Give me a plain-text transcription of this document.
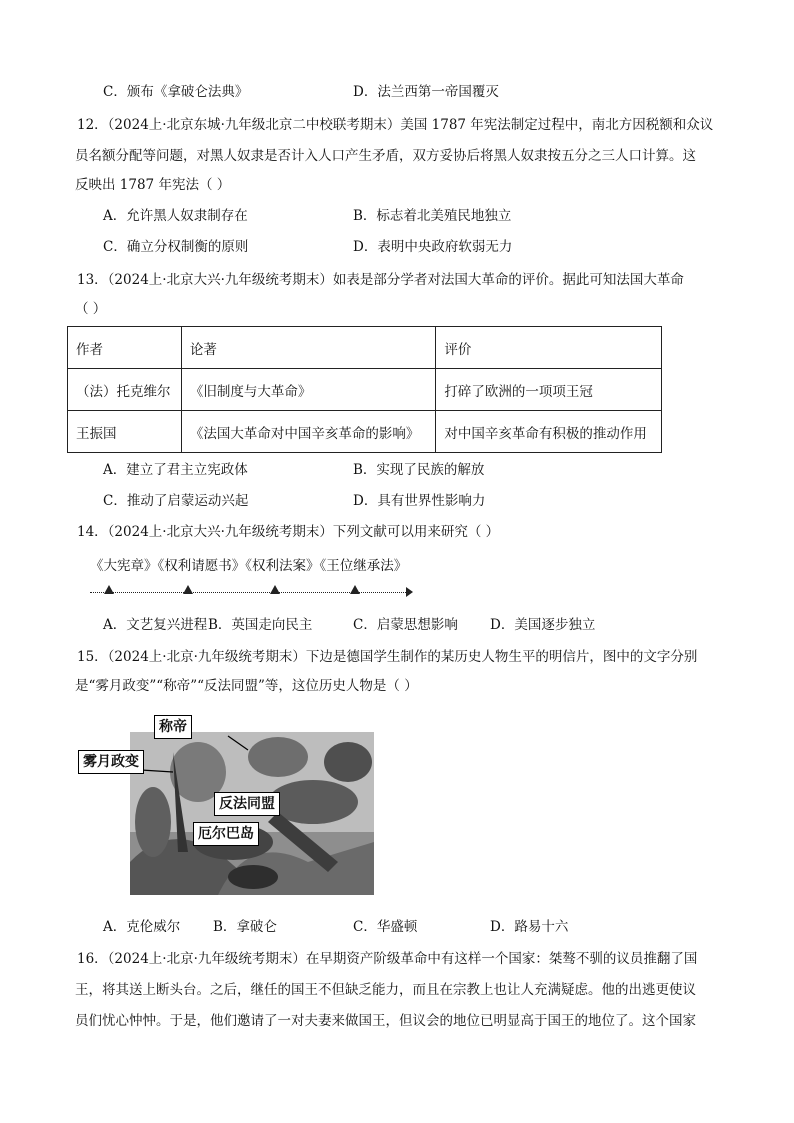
C．颁布《拿破仑法典》	D．法兰西第一帝国覆灭
12．（2024上·北京东城·九年级北京二中校联考期末）美国 1787 年宪法制定过程中，南北方因税额和众议
员名额分配等问题，对黑人奴隶是否计入人口产生矛盾，双方妥协后将黑人奴隶按五分之三人口计算。这
反映出 1787 年宪法（ ）
A．允许黑人奴隶制存在	B．标志着北美殖民地独立
C．确立分权制衡的原则	D．表明中央政府软弱无力
13．（2024上·北京大兴·九年级统考期末）如表是部分学者对法国大革命的评价。据此可知法国大革命
（ ）
作者	论著	评价
（法）托克维尔	《旧制度与大革命》	打碎了欧洲的一项项王冠
王振国	《法国大革命对中国辛亥革命的影响》	对中国辛亥革命有积极的推动作用
A．建立了君主立宪政体	B．实现了民族的解放
C．推动了启蒙运动兴起	D．具有世界性影响力
14．（2024上·北京大兴·九年级统考期末）下列文献可以用来研究（ ）
《大宪章》《权利请愿书》《权利法案》《王位继承法》
A．文艺复兴进程 B．英国走向民主	C．启蒙思想影响 D．美国逐步独立
15．（2024上·北京·九年级统考期末）下边是德国学生制作的某历史人物生平的明信片，图中的文字分别
是“雾月政变”“称帝”“反法同盟”等，这位历史人物是（ ）
称帝
雾月政变
反法同盟
厄尔巴岛
A．克伦威尔 B．拿破仑	C．华盛顿	D．路易十六
16．（2024上·北京·九年级统考期末）在早期资产阶级革命中有这样一个国家：桀骜不驯的议员推翻了国
王，将其送上断头台。之后，继任的国王不但缺乏能力，而且在宗教上也让人充满疑虑。他的出逃更使议
员们忧心忡忡。于是，他们邀请了一对夫妻来做国王，但议会的地位已明显高于国王的地位了。这个国家
